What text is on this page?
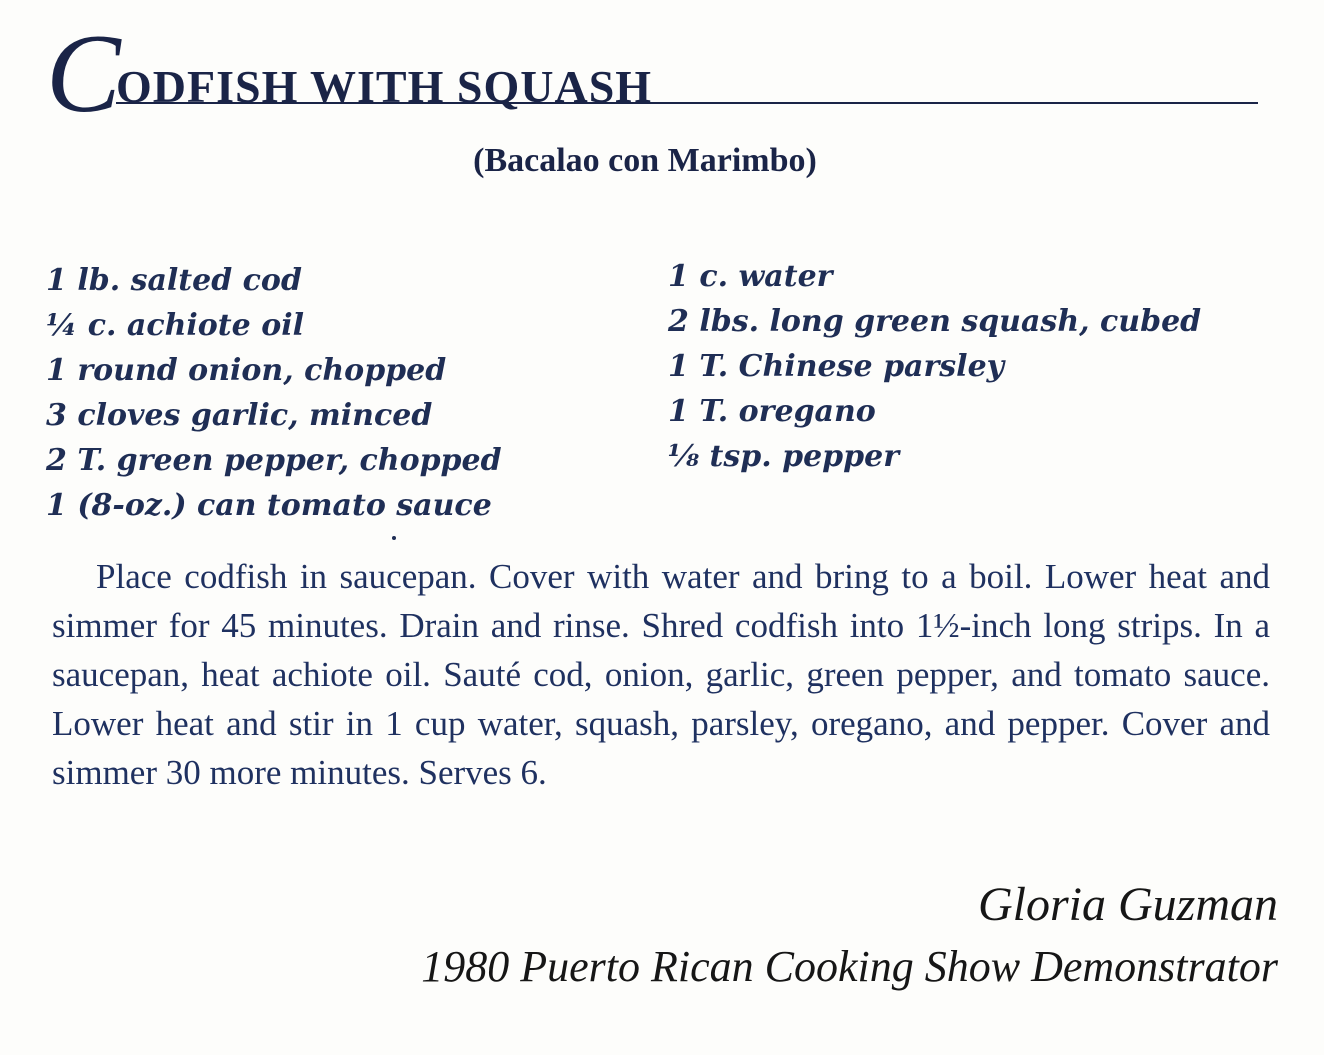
C
ODFISH WITH SQUASH
(Bacalao con Marimbo)
1 lb. salted cod
¼ c. achiote oil
1 round onion, chopped
3 cloves garlic, minced
2 T. green pepper, chopped
1 (8-oz.) can tomato sauce
1 c. water
2 lbs. long green squash, cubed
1 T. Chinese parsley
1 T. oregano
⅛ tsp. pepper

Place codfish in saucepan. Cover with water and bring to a boil. Lower heat and simmer for 45 minutes. Drain and rinse. Shred codfish into 1½-inch long strips. In a saucepan, heat achiote oil. Sauté cod, onion, garlic, green pepper, and tomato sauce. Lower heat and stir in 1 cup water, squash, parsley, oregano, and pepper. Cover and simmer 30 more minutes. Serves 6.

Gloria Guzman
1980 Puerto Rican Cooking Show Demonstrator
